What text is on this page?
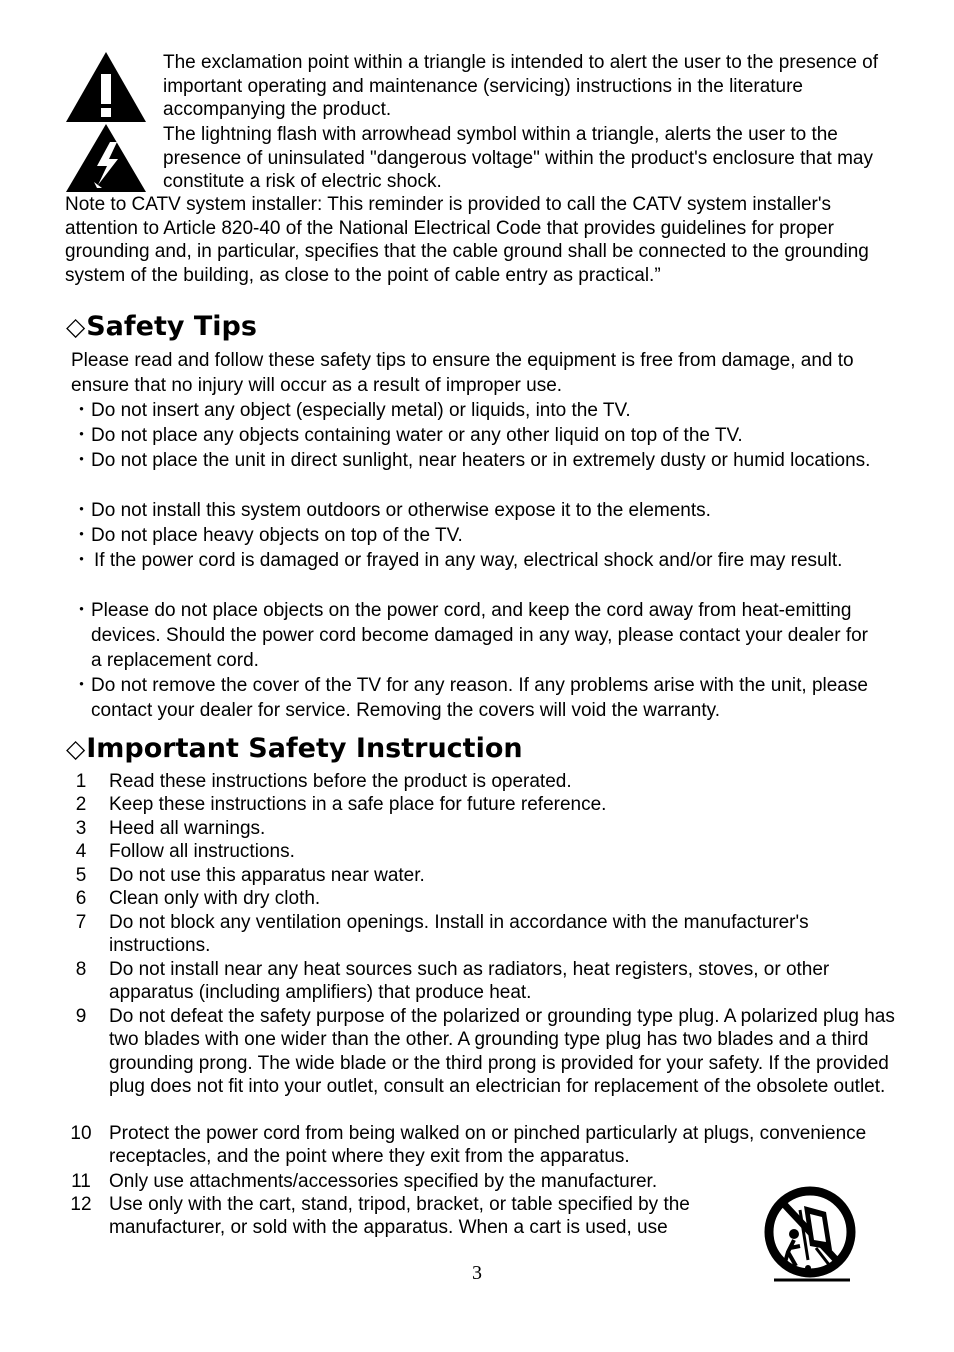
The exclamation point within a triangle is intended to alert the user to the presence of important operating and maintenance (servicing) instructions in the literature accompanying the product.
The lightning flash with arrowhead symbol within a triangle, alerts the user to the presence of uninsulated "dangerous voltage" within the product's enclosure that may constitute a risk of electric shock.
Note to CATV system installer: This reminder is provided to call the CATV system installer's attention to Article 820-40 of the National Electrical Code that provides guidelines for proper grounding and, in particular, specifies that the cable ground shall be connected to the grounding system of the building, as close to the point of cable entry as practical.”
◇Safety Tips
Please read and follow these safety tips to ensure the equipment is free from damage, and to ensure that no injury will occur as a result of improper use.
・ Do not insert any object (especially metal) or liquids, into the TV.
・ Do not place any objects containing water or any other liquid on top of the TV.
・ Do not place the unit in direct sunlight, near heaters or in extremely dusty or humid locations.
・ Do not install this system outdoors or otherwise expose it to the elements.
・ Do not place heavy objects on top of the TV.
・ If the power cord is damaged or frayed in any way, electrical shock and/or fire may result.
・ Please do not place objects on the power cord, and keep the cord away from heat-emitting devices. Should the power cord become damaged in any way, please contact your dealer for a replacement cord.
・ Do not remove the cover of the TV for any reason. If any problems arise with the unit, please contact your dealer for service. Removing the covers will void the warranty.
◇Important Safety Instruction
1	Read these instructions before the product is operated.
2	Keep these instructions in a safe place for future reference.
3	Heed all warnings.
4	Follow all instructions.
5	Do not use this apparatus near water.
6	Clean only with dry cloth.
7	Do not block any ventilation openings. Install in accordance with the manufacturer's instructions.
8	Do not install near any heat sources such as radiators, heat registers, stoves, or other apparatus (including amplifiers) that produce heat.
9	Do not defeat the safety purpose of the polarized or grounding type plug. A polarized plug has two blades with one wider than the other. A grounding type plug has two blades and a third grounding prong. The wide blade or the third prong is provided for your safety. If the provided plug does not fit into your outlet, consult an electrician for replacement of the obsolete outlet.
10 Protect the power cord from being walked on or pinched particularly at plugs, convenience receptacles, and the point where they exit from the apparatus.
11 Only use attachments/accessories specified by the manufacturer.
12 Use only with the cart, stand, tripod, bracket, or table specified by the manufacturer, or sold with the apparatus. When a cart is used, use
3
